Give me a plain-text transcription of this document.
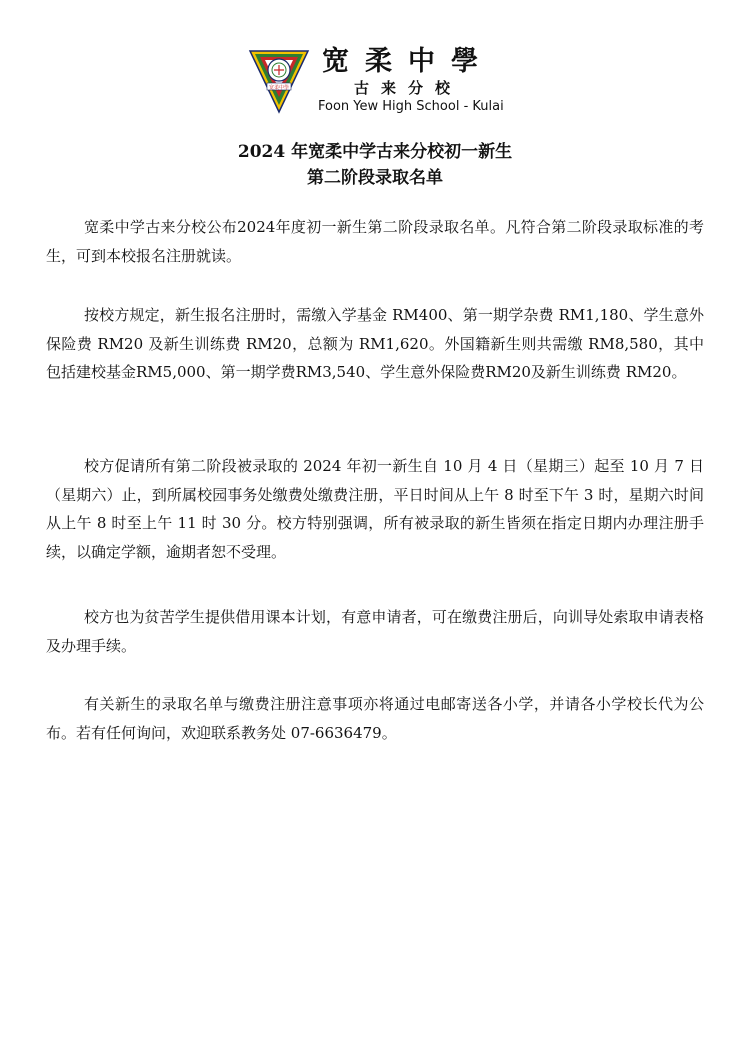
宽柔中學
宽柔中學
古来分校
Foon Yew High School - Kulai
2024 年宽柔中学古来分校初一新生
第二阶段录取名单

宽柔中学古来分校公布2024年度初一新生第二阶段录取名单。凡符合第二阶段录取标准的考生，可到本校报名注册就读。

按校方规定，新生报名注册时，需缴入学基金 RM400、第一期学杂费 RM1,180、学生意外保险费 RM20 及新生训练费 RM20，总额为 RM1,620。外国籍新生则共需缴 RM8,580，其中包括建校基金RM5,000、第一期学费RM3,540、学生意外保险费RM20及新生训练费 RM20。

校方促请所有第二阶段被录取的 2024 年初一新生自 10 月 4 日（星期三）起至 10 月 7 日（星期六）止，到所属校园事务处缴费处缴费注册，平日时间从上午 8 时至下午 3 时，星期六时间从上午 8 时至上午 11 时 30 分。校方特别强调，所有被录取的新生皆须在指定日期内办理注册手续，以确定学额，逾期者恕不受理。

校方也为贫苦学生提供借用课本计划，有意申请者，可在缴费注册后，向训导处索取申请表格及办理手续。

有关新生的录取名单与缴费注册注意事项亦将通过电邮寄送各小学，并请各小学校长代为公布。若有任何询问，欢迎联系教务处 07-6636479。
